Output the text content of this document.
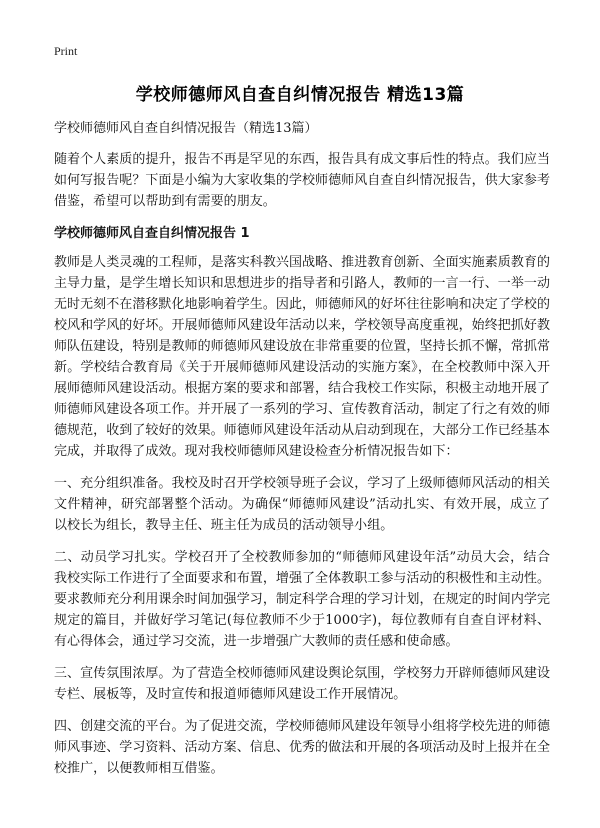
Print
学校师德师风自查自纠情况报告 精选13篇
学校师德师风自查自纠情况报告（精选13篇）

随着个人素质的提升，报告不再是罕见的东西，报告具有成文事后性的特点。我们应当如何写报告呢？下面是小编为大家收集的学校师德师风自查自纠情况报告，供大家参考借鉴，希望可以帮助到有需要的朋友。

学校师德师风自查自纠情况报告 1

教师是人类灵魂的工程师，是落实科教兴国战略、推进教育创新、全面实施素质教育的主导力量，是学生增长知识和思想进步的指导者和引路人，教师的一言一行、一举一动无时无刻不在潜移默化地影响着学生。因此，师德师风的好坏往往影响和决定了学校的校风和学风的好坏。开展师德师风建设年活动以来，学校领导高度重视，始终把抓好教师队伍建设，特别是教师的师德师风建设放在非常重要的位置，坚持长抓不懈，常抓常新。学校结合教育局《关于开展师德师风建设活动的实施方案》，在全校教师中深入开展师德师风建设活动。根据方案的要求和部署，结合我校工作实际，积极主动地开展了师德师风建设各项工作。并开展了一系列的学习、宣传教育活动，制定了行之有效的师德规范，收到了较好的效果。师德师风建设年活动从启动到现在，大部分工作已经基本完成，并取得了成效。现对我校师德师风建设检查分析情况报告如下：

一、充分组织准备。我校及时召开学校领导班子会议，学习了上级师德师风活动的相关文件精神，研究部署整个活动。为确保“师德师风建设”活动扎实、有效开展，成立了以校长为组长，教导主任、班主任为成员的活动领导小组。

二、动员学习扎实。学校召开了全校教师参加的“师德师风建设年活”动员大会，结合我校实际工作进行了全面要求和布置，增强了全体教职工参与活动的积极性和主动性。要求教师充分利用课余时间加强学习，制定科学合理的学习计划，在规定的时间内学完规定的篇目，并做好学习笔记(每位教师不少于1000字)，每位教师有自查自评材料、有心得体会，通过学习交流，进一步增强广大教师的责任感和使命感。

三、宣传氛围浓厚。为了营造全校师德师风建设舆论氛围，学校努力开辟师德师风建设专栏、展板等，及时宣传和报道师德师风建设工作开展情况。

四、创建交流的平台。为了促进交流，学校师德师风建设年领导小组将学校先进的师德师风事迹、学习资料、活动方案、信息、优秀的做法和开展的各项活动及时上报并在全校推广，以便教师相互借鉴。
